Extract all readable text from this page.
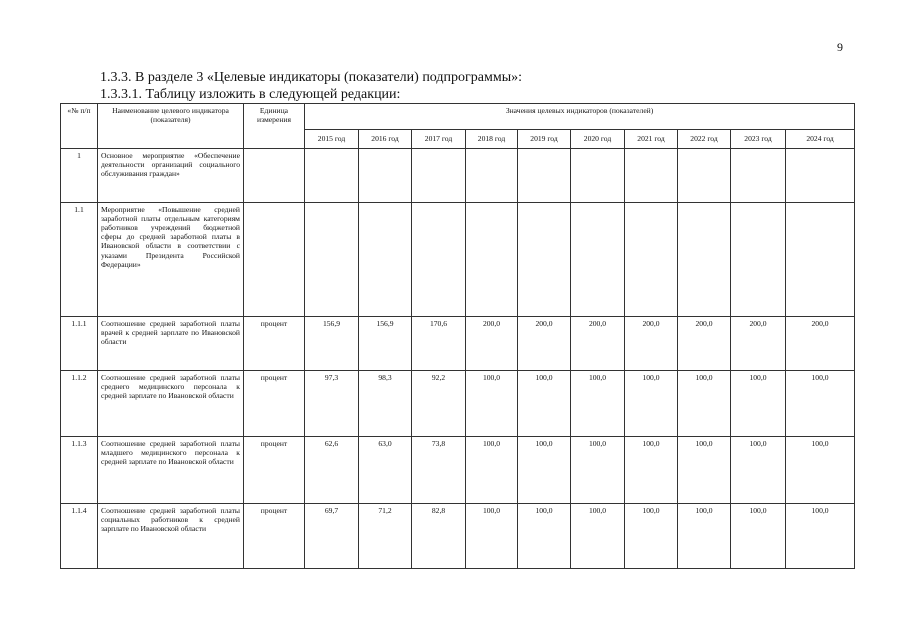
9
1.3.3. В разделе 3 «Целевые индикаторы (показатели) подпрограммы»:
1.3.3.1. Таблицу изложить в следующей редакции:
«№ п/п	Наименование целевого индикатора (показателя)	Единица измерения	Значения целевых индикаторов (показателей)									
			2015 год	2016 год	2017 год	2018 год	2019 год	2020 год	2021 год	2022 год	2023 год	2024 год
1	Основное мероприятие «Обеспечение деятельности организаций социального обслуживания граждан»											
1.1	Мероприятие «Повышение средней заработной платы отдельным категориям работников учреждений бюджетной сферы до средней заработной платы в Ивановской области в соответствии с указами Президента Российской Федерации»											
1.1.1	Соотношение средней заработной платы врачей к средней зарплате по Ивановской области	процент	156,9	156,9	170,6	200,0	200,0	200,0	200,0	200,0	200,0	200,0
1.1.2	Соотношение средней заработной платы среднего медицинского персонала к средней зарплате по Ивановской области	процент	97,3	98,3	92,2	100,0	100,0	100,0	100,0	100,0	100,0	100,0
1.1.3	Соотношение средней заработной платы младшего медицинского персонала к средней зарплате по Ивановской области	процент	62,6	63,0	73,8	100,0	100,0	100,0	100,0	100,0	100,0	100,0
1.1.4	Соотношение средней заработной платы социальных работников к средней зарплате по Ивановской области	процент	69,7	71,2	82,8	100,0	100,0	100,0	100,0	100,0	100,0	100,0
